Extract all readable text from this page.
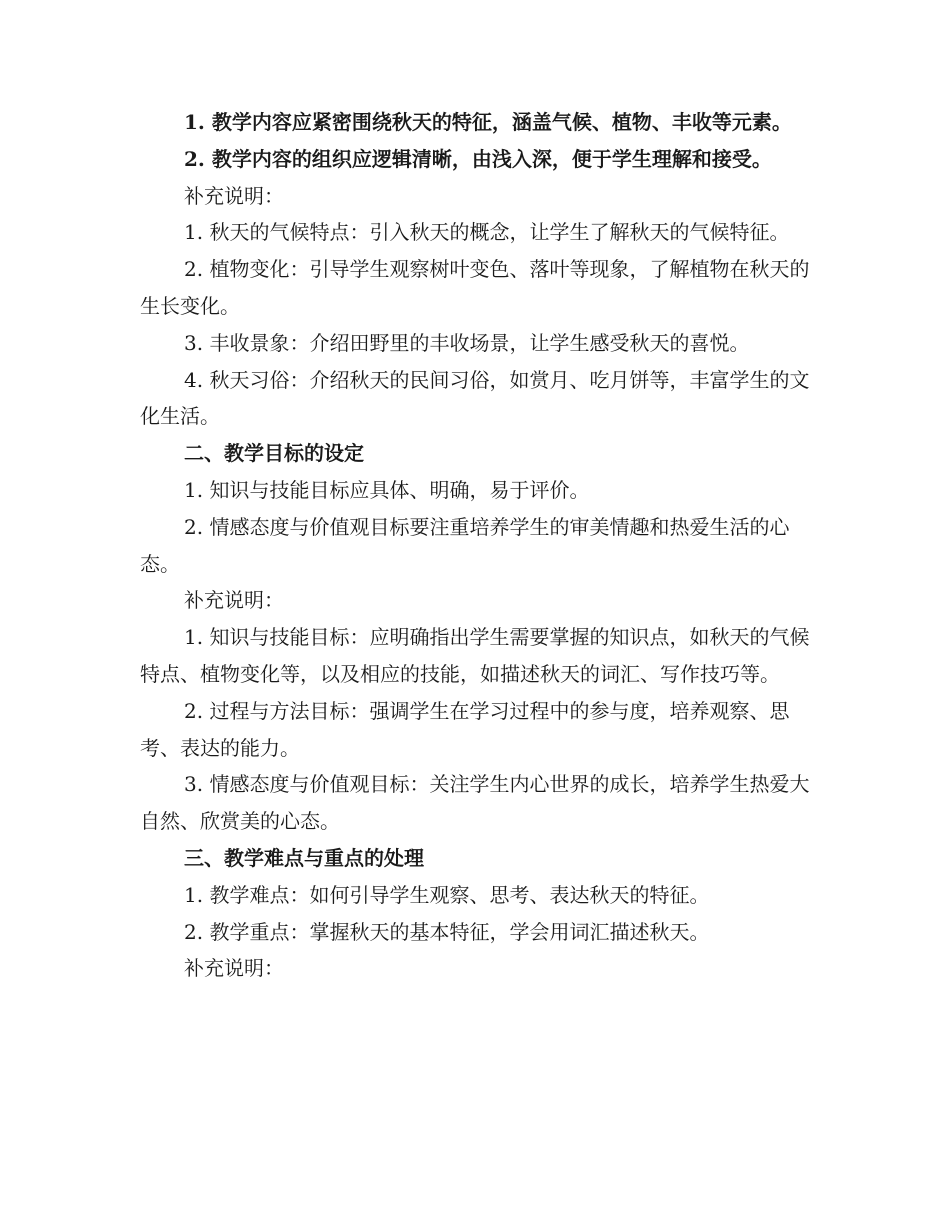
1. 教学内容应紧密围绕秋天的特征，涵盖气候、植物、丰收等元素。

2. 教学内容的组织应逻辑清晰，由浅入深，便于学生理解和接受。

补充说明：

1. 秋天的气候特点：引入秋天的概念，让学生了解秋天的气候特征。

2. 植物变化：引导学生观察树叶变色、落叶等现象，了解植物在秋天的生长变化。

3. 丰收景象：介绍田野里的丰收场景，让学生感受秋天的喜悦。

4. 秋天习俗：介绍秋天的民间习俗，如赏月、吃月饼等，丰富学生的文化生活。

二、教学目标的设定

1. 知识与技能目标应具体、明确，易于评价。

2. 情感态度与价值观目标要注重培养学生的审美情趣和热爱生活的心态。

补充说明：

1. 知识与技能目标：应明确指出学生需要掌握的知识点，如秋天的气候特点、植物变化等，以及相应的技能，如描述秋天的词汇、写作技巧等。

2. 过程与方法目标：强调学生在学习过程中的参与度，培养观察、思考、表达的能力。

3. 情感态度与价值观目标：关注学生内心世界的成长，培养学生热爱大自然、欣赏美的心态。

三、教学难点与重点的处理

1. 教学难点：如何引导学生观察、思考、表达秋天的特征。

2. 教学重点：掌握秋天的基本特征，学会用词汇描述秋天。

补充说明：
